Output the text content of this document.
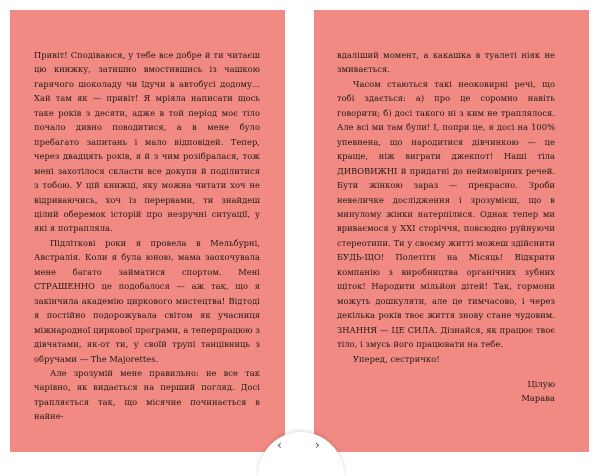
Привіт! Сподіваюся, у тебе все добре й ти читаєш цю книжку, затишно вмостившись із чашкою гарячого шоколаду чи їдучи в автобусі додому... Хай там як — привіт! Я мріяла написати щось таке років з десяти, адже в той період моє тіло почало дивно поводитися, а в мене було пребагато запитань і мало відповідей. Тепер, через двадцять років, я й з чим розібралася, тож мені захотілося скласти все докупи й поділитися з тобою. У цій книжці, яку можна читати хоч не відриваючись, хоч із перервами, ти знайдеш цілий оберемок історій про незручні ситуації, у які я потрапляла.

Підліткові роки я провела в Мельбурні, Австралія. Коли я була юною, мама заохочувала мене багато займатися спортом. Мені СТРАШЕННО це подобалося — аж так, що я закінчила академію циркового мистецтва! Відтоді я постійно подорожувала світом як учасниця міжнародної циркової програми, а теперпрацюю з дівчатами, як-от ти, у своїй трупі танцівниць з обручами — The Majorettes.

Але зрозумій мене правильно: не все так чарівно, як видається на перший погляд. Досі трапляється так, що місячне починається в найне-

вдаліший момент, а какашка в туалеті ніяк не змивається.

Часом стаються такі неоковирні речі, що тобі здається: а) про це соромно навіть говорити; б) досі такого ні з ким не траплялося. Але всі ми там були! І, попри це, я досі на 100% упевнена, що народитися дівчинкою — це краще, ніж виграти джекпот! Наші тіла ДИВОВИЖНІ й придатні до неймовірних речей. Бути жінкою зараз — прекрасно. Зроби невеличке дослідження і зрозумієш, що в минулому жінки натерпілися. Однак тепер ми вриваємося у XXI сторіччя, повсюдно руйнуючи стереотипи. Ти у своєму житті можеш здійснити БУДЬ-ЩО! Полетіти на Місяць! Відкрити компанію з виробництва органічних зубних щіток! Народити мільйон дітей! Так, гормони можуть дошкуляти, але це тимчасово, і через декілька років твоє життя знову стане чудовим. ЗНАННЯ — ЦЕ СИЛА. Дізнайся, як працює твоє тіло, і змусь його працювати на тебе.

Уперед, сестричко!

Цілую

Марава

‹	›
